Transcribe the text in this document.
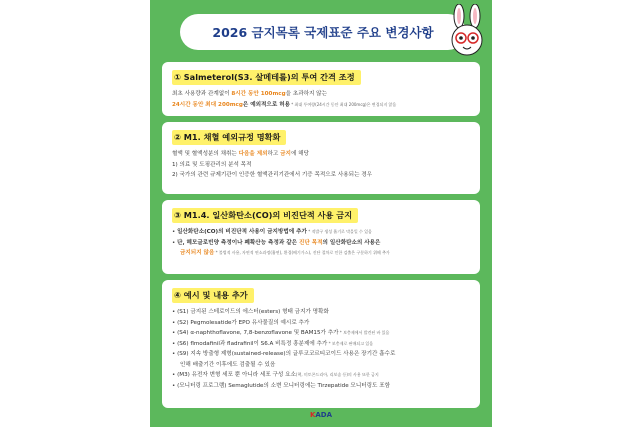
2026 금지목록 국제표준 주요 변경사항
① Salmeterol(S3. 살메테롤)의 투여 간격 조정
최초 사용량과 관계없이 8시간 동안 100mcg을 초과하지 않는
24시간 동안 최대 200mcg은 예외적으로 허용 * 최대 투여량(24시간 동안 최대 200mcg)은 변경되지 않음
② M1. 채혈 예외규정 명확화
혈액 및 혈액성분의 채취는 다음을 제외하고 금지에 해당
1) 의료 및 도핑관리의 분석 목적
2) 국가의 관련 규제기관이 인증한 혈액관리기관에서 기증 목적으로 사용되는 경우
③ M1.4. 일산화탄소(CO)의 비진단적 사용 금지
• 일산화탄소(CO)의 비진단적 사용이 금지방법에 추가 * 적발구 생성 흡기로 막을일 수 있음
• 단, 헤모글로빈양 측정이나 폐확산능 측정과 같은 진단 목적의 일산화탄소의 사용은
금지되지 않음 * 불법적 사용, 자연적 연소과정(흡연), 환경(배기가스), 진단 절차로 인한 검출은 구분하기 위해 추가
④ 예시 및 내용 추가
• (S1) 금지된 스테로이드의 에스터(esters) 형태 금지가 명확화
• (S2) Pegmolesatide가 EPO 유사물질의 예시로 추가
• (S4) α-naphthoflavone, 7,8-benzoflavone 및 BAM15가 추가 * 보충제에서 발견된 바 있음
• (S6) flmodafinil과 fladrafinil이 S6.A 비특정 흥분제에 추가 * 보충제로 판매되고 있음
• (S9) 지속 방출형 제형(sustained-release)의 글루코코르티코이드 사용은 장기간 흡수로
인해 배출기간 이후에도 검출될 수 있음
• (M3) 유전자 변형 세포 뿐 아니라 세포 구성 요소(핵, 미토콘드리아, 리보솜 등)의 사용 또한 금지
• (모니터링 프로그램) Semaglutide의 소변 모니터링에는 Tirzepatide 모니터링도 포함
KADA
